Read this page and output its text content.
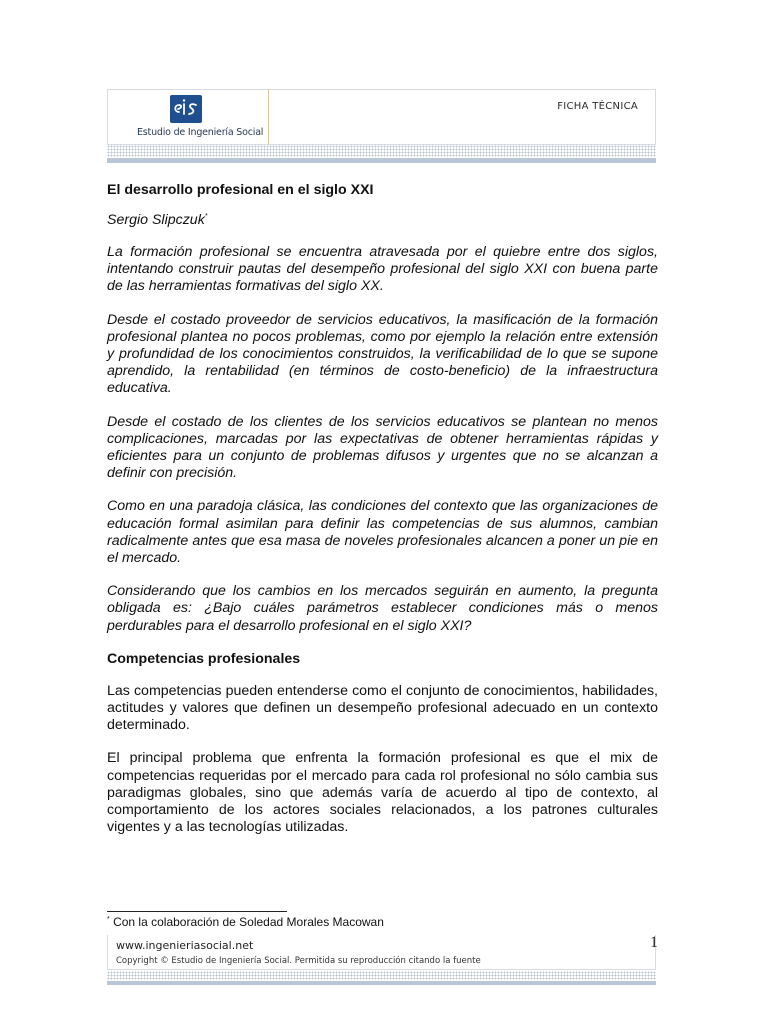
Estudio de Ingeniería Social
FICHA TÉCNICA
El desarrollo profesional en el siglo XXI
Sergio Slipczuk*

La formación profesional se encuentra atravesada por el quiebre entre dos siglos, intentando construir pautas del desempeño profesional del siglo XXI con buena parte de las herramientas formativas del siglo XX.

Desde el costado proveedor de servicios educativos, la masificación de la formación profesional plantea no pocos problemas, como por ejemplo la relación entre extensión y profundidad de los conocimientos construidos, la verificabilidad de lo que se supone aprendido, la rentabilidad (en términos de costo-beneficio) de la infraestructura educativa.

Desde el costado de los clientes de los servicios educativos se plantean no menos complicaciones, marcadas por las expectativas de obtener herramientas rápidas y eficientes para un conjunto de problemas difusos y urgentes que no se alcanzan a definir con precisión.

Como en una paradoja clásica, las condiciones del contexto que las organizaciones de educación formal asimilan para definir las competencias de sus alumnos, cambian radicalmente antes que esa masa de noveles profesionales alcancen a poner un pie en el mercado.

Considerando que los cambios en los mercados seguirán en aumento, la pregunta obligada es: ¿Bajo cuáles parámetros establecer condiciones más o menos perdurables para el desarrollo profesional en el siglo XXI?

Competencias profesionales

Las competencias pueden entenderse como el conjunto de conocimientos, habilidades, actitudes y valores que definen un desempeño profesional adecuado en un contexto determinado.

El principal problema que enfrenta la formación profesional es que el mix de competencias requeridas por el mercado para cada rol profesional no sólo cambia sus paradigmas globales, sino que además varía de acuerdo al tipo de contexto, al comportamiento de los actores sociales relacionados, a los patrones culturales vigentes y a las tecnologías utilizadas.

* Con la colaboración de Soledad Morales Macowan
www.ingenieriasocial.net
Copyright © Estudio de Ingeniería Social. Permitida su reproducción citando la fuente
1
